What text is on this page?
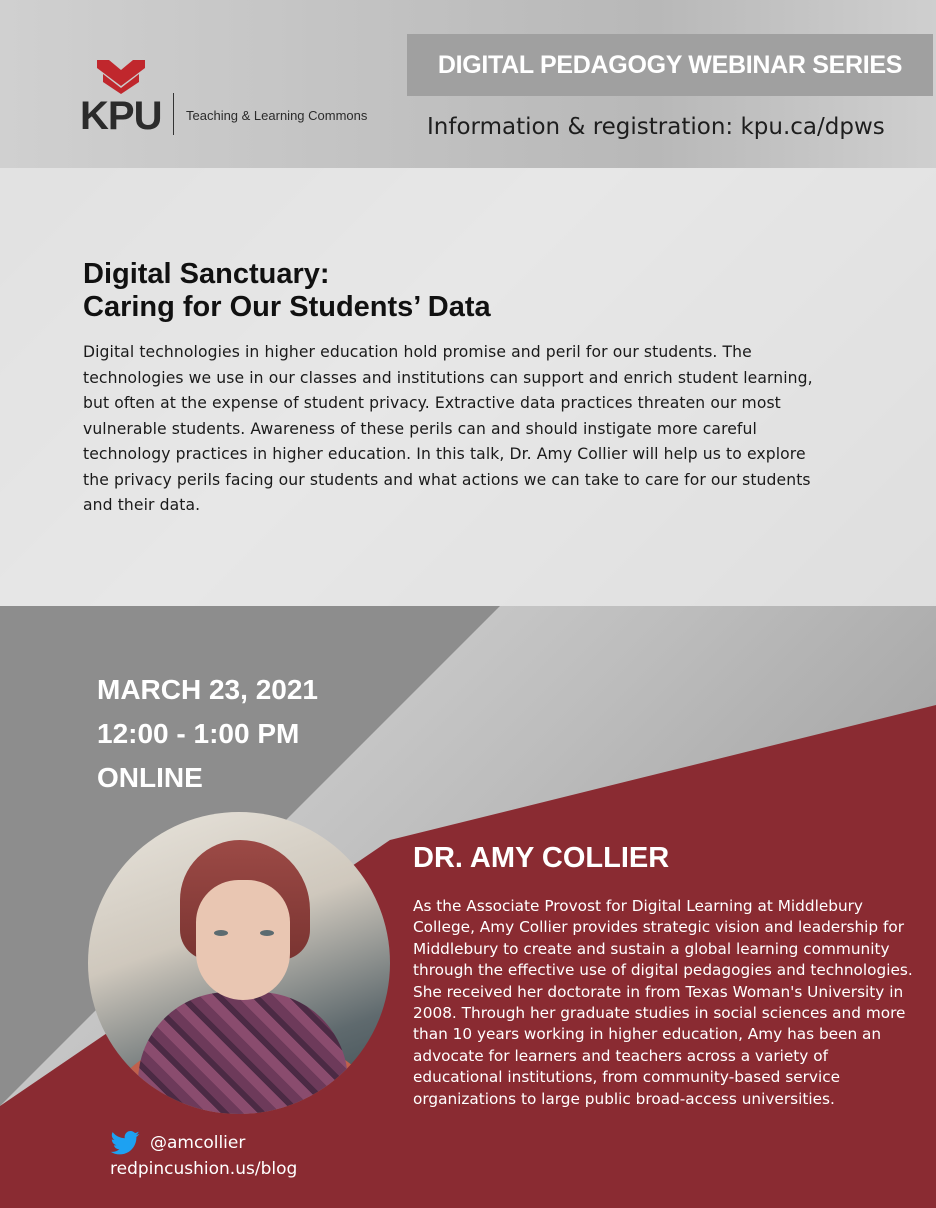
KPU Teaching & Learning Commons
DIGITAL PEDAGOGY WEBINAR SERIES
Information & registration: kpu.ca/dpws
Digital Sanctuary:
Caring for Our Students’ Data
Digital technologies in higher education hold promise and peril for our students. The technologies we use in our classes and institutions can support and enrich student learning, but often at the expense of student privacy. Extractive data practices threaten our most vulnerable students. Awareness of these perils can and should instigate more careful technology practices in higher education. In this talk, Dr. Amy Collier will help us to explore the privacy perils facing our students and what actions we can take to care for our students and their data.
MARCH 23, 2021
12:00 - 1:00 PM
ONLINE
DR. AMY COLLIER
As the Associate Provost for Digital Learning at Middlebury College, Amy Collier provides strategic vision and leadership for Middlebury to create and sustain a global learning community through the effective use of digital pedagogies and technologies. She received her doctorate in from Texas Woman's University in 2008. Through her graduate studies in social sciences and more than 10 years working in higher education, Amy has been an advocate for learners and teachers across a variety of educational institutions, from community-based service organizations to large public broad-access universities.
@amcollier
redpincushion.us/blog
